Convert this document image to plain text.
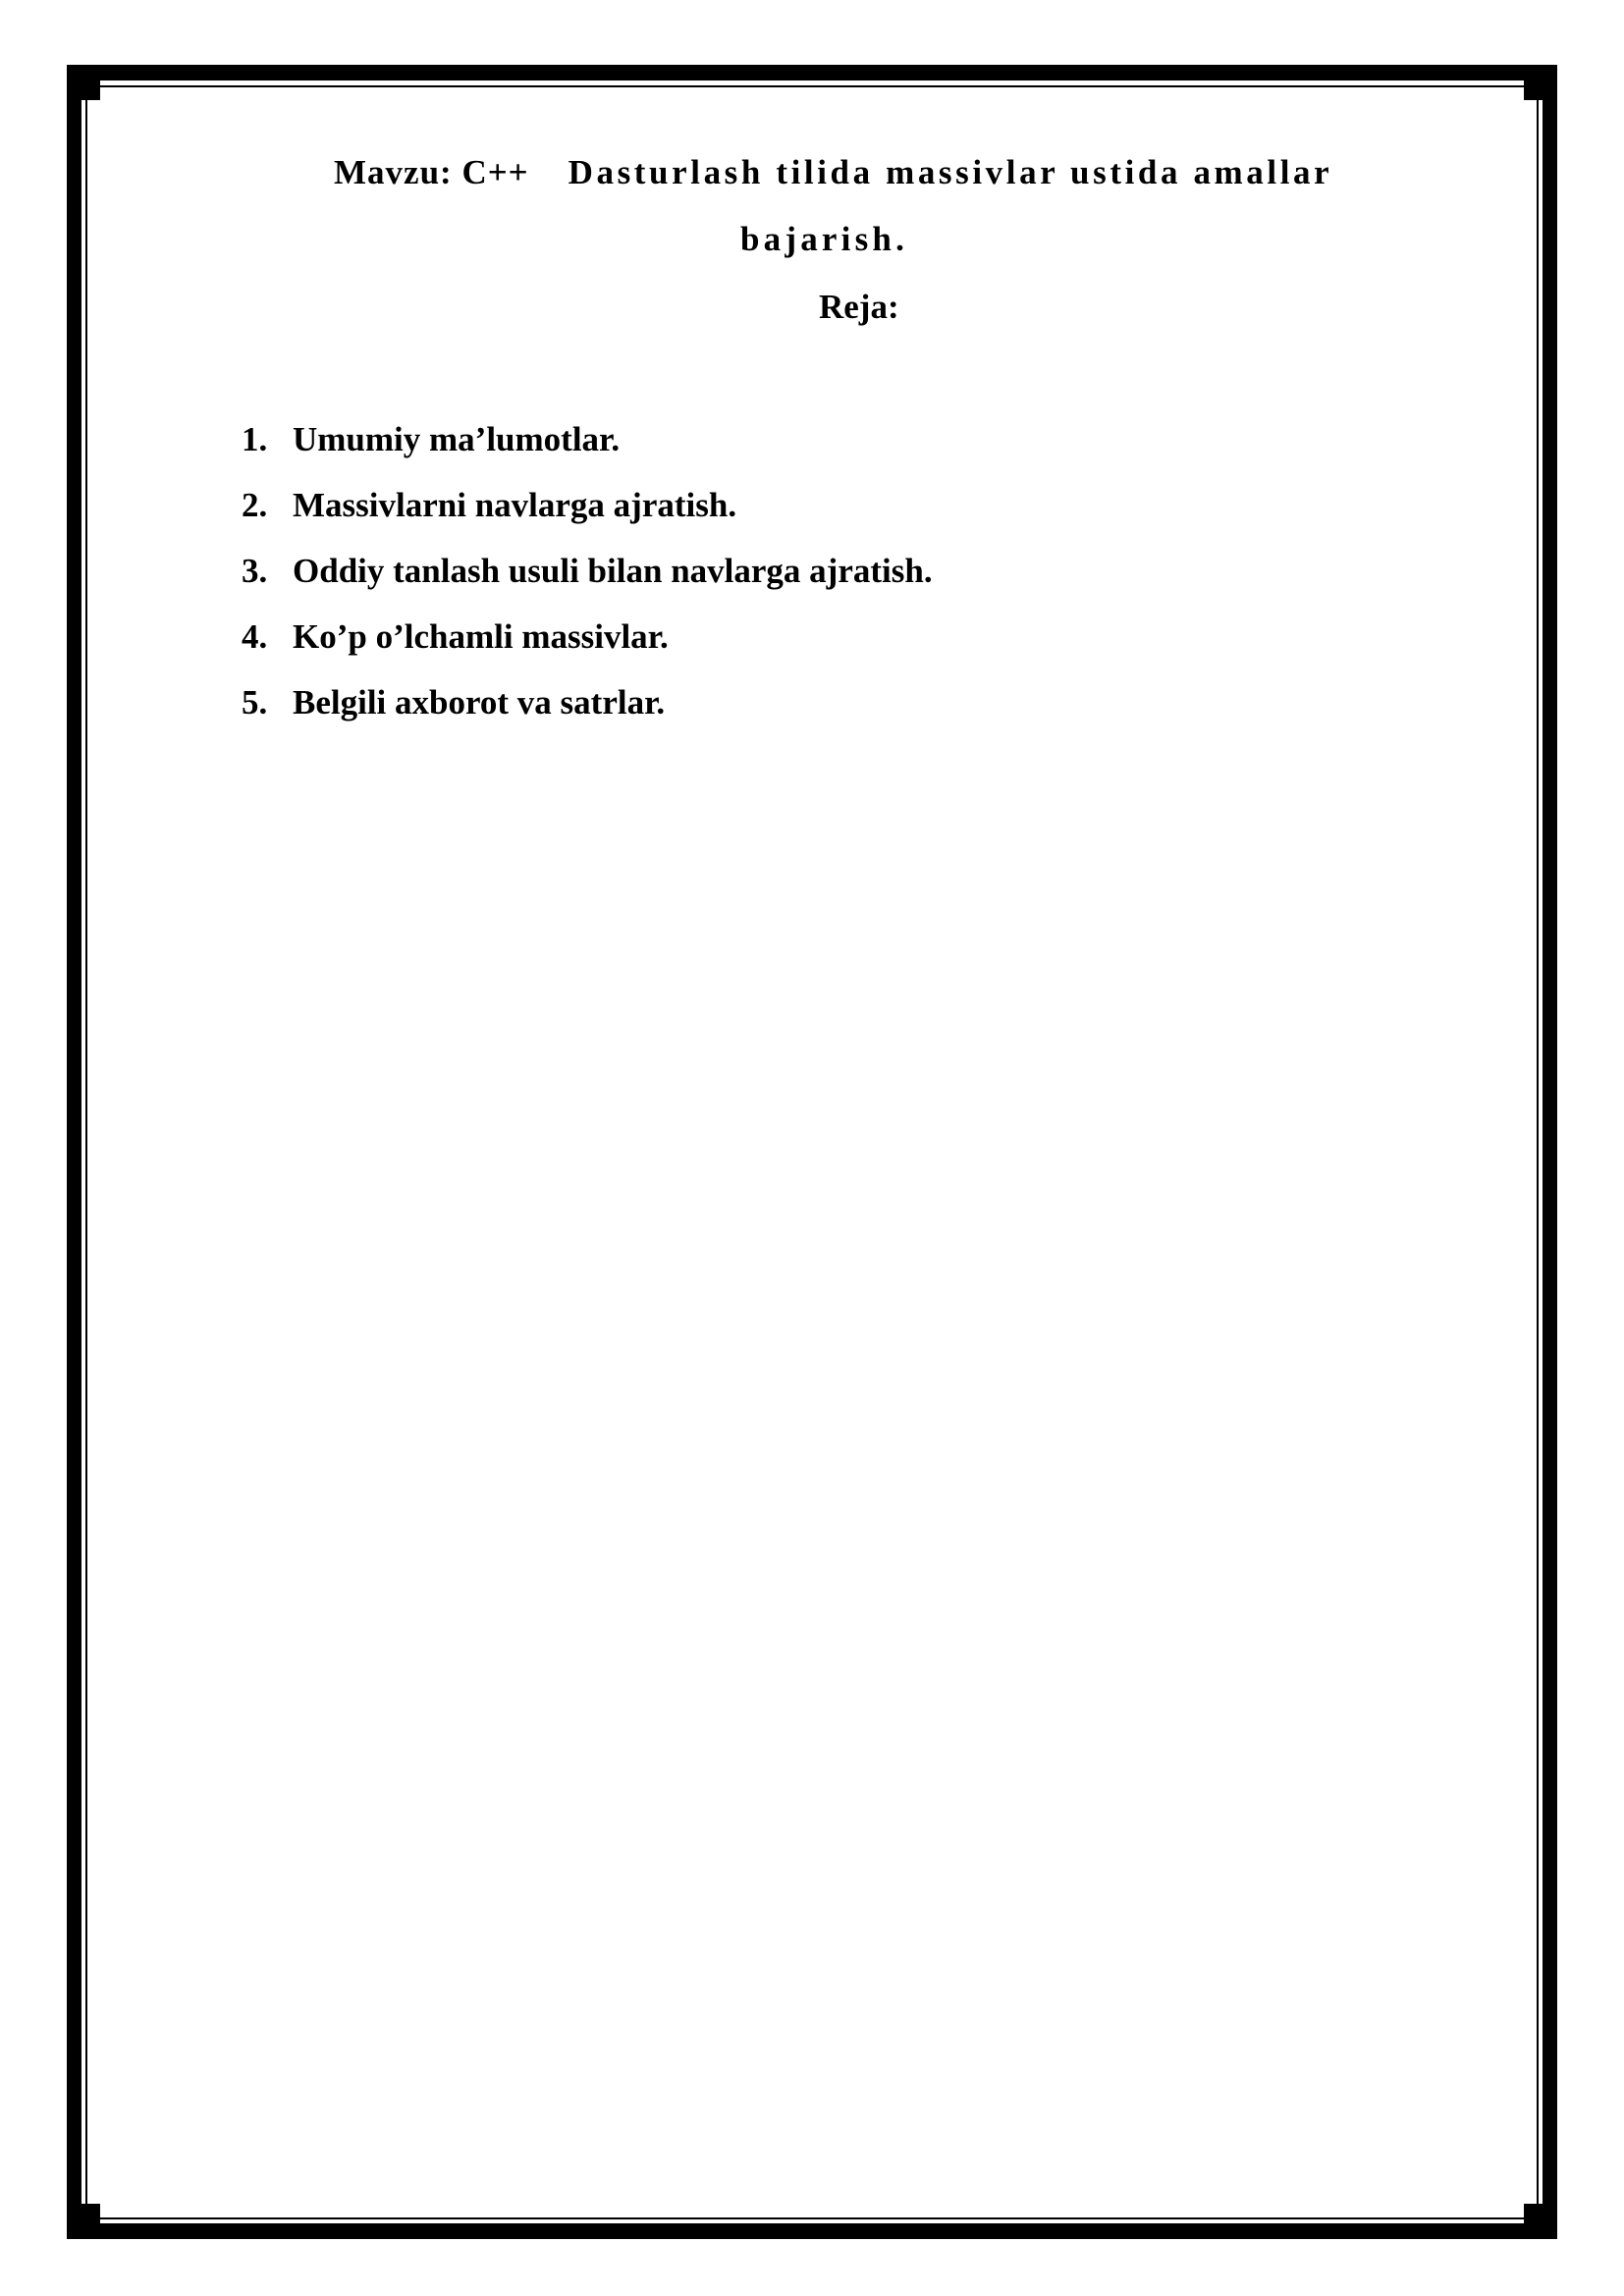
Mavzu: C++ Dasturlash tilida massivlar ustida amallar
bajarish.
Reja:
1. Umumiy ma’lumotlar.
2. Massivlarni navlarga ajratish.
3. Oddiy tanlash usuli bilan navlarga ajratish.
4. Ko’p o’lchamli massivlar.
5. Belgili axborot va satrlar.
